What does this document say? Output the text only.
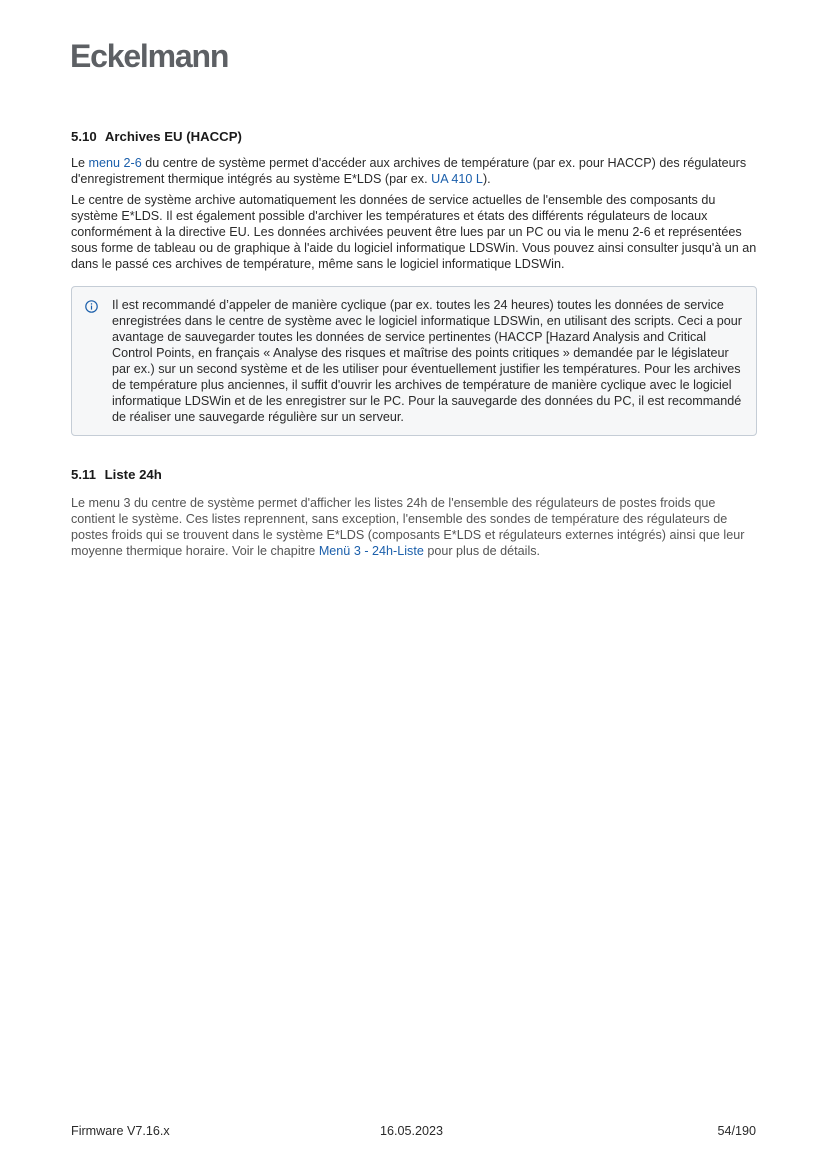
Eckelmann
5.10 Archives EU (HACCP)

Le menu 2-6 du centre de système permet d'accéder aux archives de température (par ex. pour HACCP) des régulateurs d'enregistrement thermique intégrés au système E*LDS (par ex. UA 410 L).

Le centre de système archive automatiquement les données de service actuelles de l'ensemble des composants du système E*LDS. Il est également possible d'archiver les températures et états des différents régulateurs de locaux conformément à la directive EU. Les données archivées peuvent être lues par un PC ou via le menu 2-6 et représentées sous forme de tableau ou de graphique à l'aide du logiciel informatique LDSWin. Vous pouvez ainsi consulter jusqu'à un an dans le passé ces archives de température, même sans le logiciel informatique LDSWin.

Il est recommandé d’appeler de manière cyclique (par ex. toutes les 24 heures) toutes les données de service enregistrées dans le centre de système avec le logiciel informatique LDSWin, en utilisant des scripts. Ceci a pour avantage de sauvegarder toutes les données de service pertinentes (HACCP [Hazard Analysis and Critical Control Points, en français « Analyse des risques et maîtrise des points critiques » demandée par le législateur par ex.) sur un second système et de les utiliser pour éventuellement justifier les températures. Pour les archives de température plus anciennes, il suffit d'ouvrir les archives de température de manière cyclique avec le logiciel informatique LDSWin et de les enregistrer sur le PC. Pour la sauvegarde des données du PC, il est recommandé de réaliser une sauvegarde régulière sur un serveur.

5.11 Liste 24h

Le menu 3 du centre de système permet d'afficher les listes 24h de l'ensemble des régulateurs de postes froids que contient le système. Ces listes reprennent, sans exception, l'ensemble des sondes de température des régulateurs de postes froids qui se trouvent dans le système E*LDS (composants E*LDS et régulateurs externes intégrés) ainsi que leur moyenne thermique horaire. Voir le chapitre Menü 3 - 24h-Liste pour plus de détails.

Firmware V7.16.x	16.05.2023	54/190
